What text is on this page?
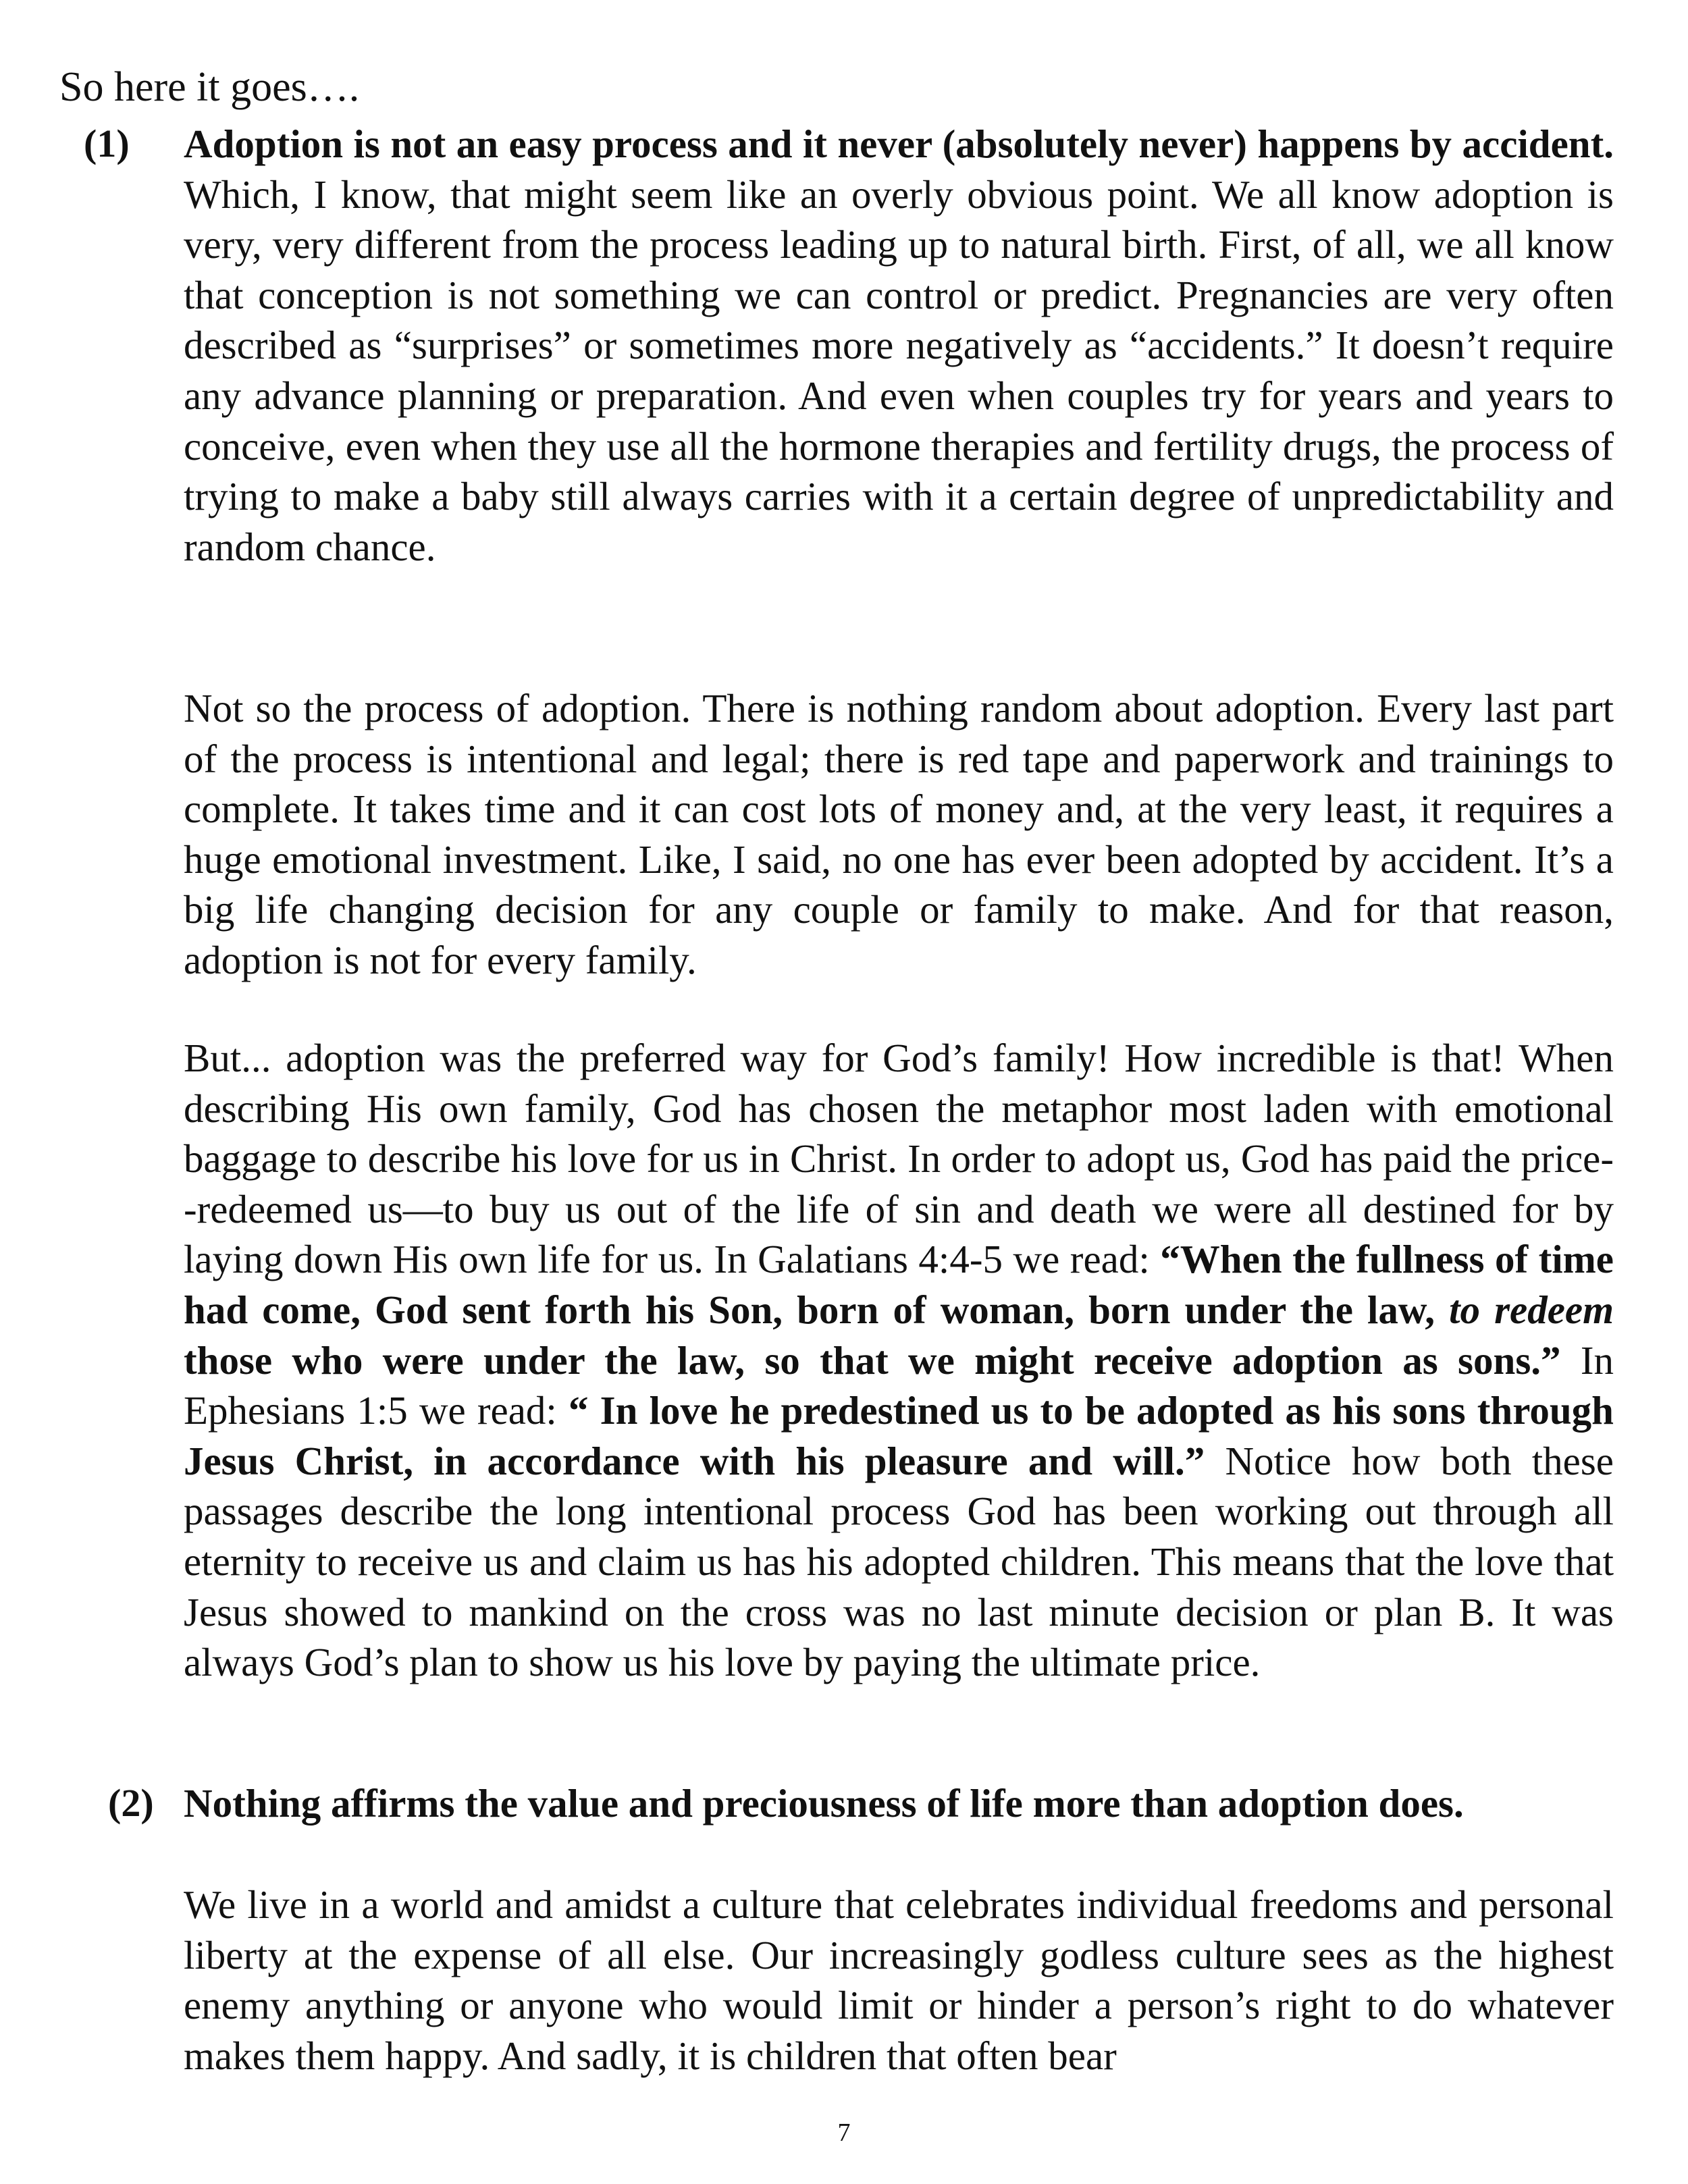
So here it goes….

(1) Adoption is not an easy process and it never (absolutely never) happens by accident. Which, I know, that might seem like an overly obvious point. We all know adoption is very, very different from the process leading up to natural birth. First, of all, we all know that conception is not something we can control or predict. Pregnancies are very often described as “surprises” or sometimes more negatively as “accidents.” It doesn’t require any advance planning or preparation. And even when couples try for years and years to conceive, even when they use all the hormone therapies and fertility drugs, the process of trying to make a baby still always carries with it a certain degree of unpredictability and random chance.

Not so the process of adoption. There is nothing random about adoption. Every last part of the process is intentional and legal; there is red tape and paperwork and trainings to complete. It takes time and it can cost lots of money and, at the very least, it requires a huge emotional investment. Like, I said, no one has ever been adopted by accident. It’s a big life changing decision for any couple or family to make. And for that reason, adoption is not for every family.

But... adoption was the preferred way for God’s family! How incredible is that! When describing His own family, God has chosen the metaphor most laden with emotional baggage to describe his love for us in Christ. In order to adopt us, God has paid the price--redeemed us—to buy us out of the life of sin and death we were all destined for by laying down His own life for us. In Galatians 4:4-5 we read: “When the fullness of time had come, God sent forth his Son, born of woman, born under the law, to redeem those who were under the law, so that we might receive adoption as sons.” In Ephesians 1:5 we read: “ In love he predestined us to be adopted as his sons through Jesus Christ, in accordance with his pleasure and will.” Notice how both these passages describe the long intentional process God has been working out through all eternity to receive us and claim us has his adopted children. This means that the love that Jesus showed to mankind on the cross was no last minute decision or plan B. It was always God’s plan to show us his love by paying the ultimate price.

(2) Nothing affirms the value and preciousness of life more than adoption does.

We live in a world and amidst a culture that celebrates individual freedoms and personal liberty at the expense of all else. Our increasingly godless culture sees as the highest enemy anything or anyone who would limit or hinder a person’s right to do whatever makes them happy. And sadly, it is children that often bear

7
